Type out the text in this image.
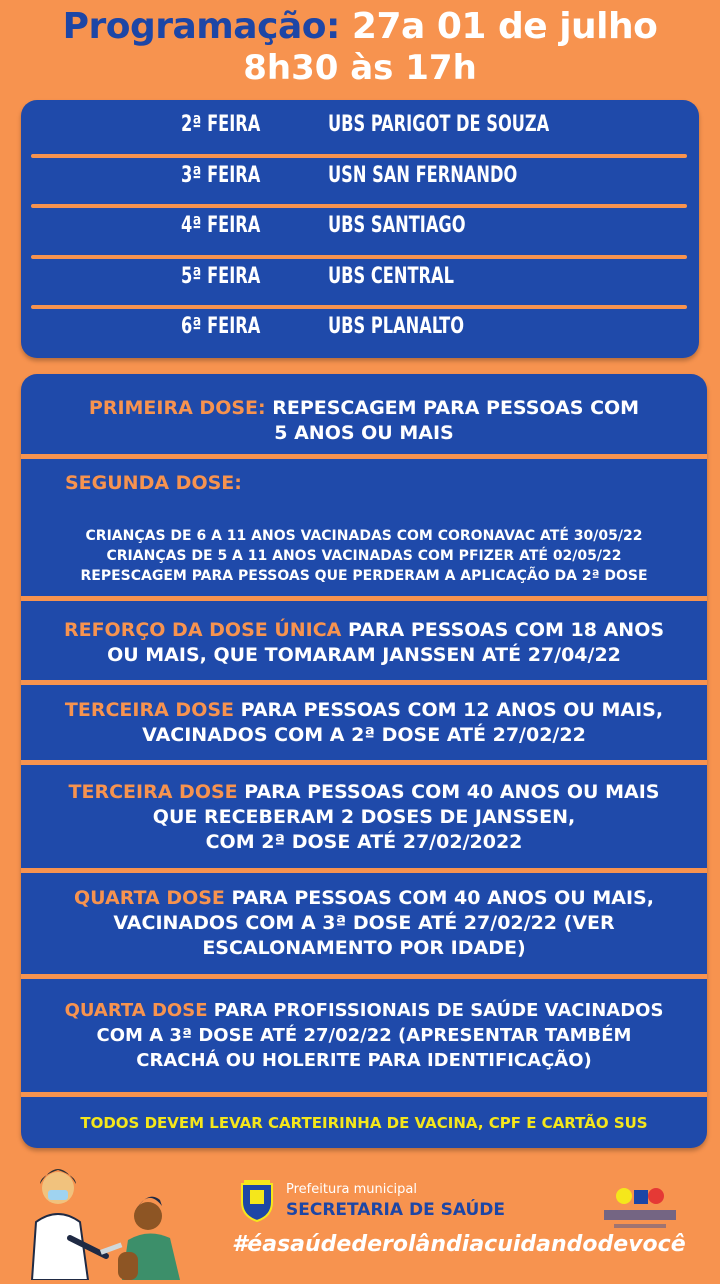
Programação: 27a 01 de julho
8h30 às 17h
2ª FEIRA	UBS PARIGOT DE SOUZA
3ª FEIRA	USN SAN FERNANDO
4ª FEIRA	UBS SANTIAGO
5ª FEIRA	UBS CENTRAL
6ª FEIRA	UBS PLANALTO
PRIMEIRA DOSE: REPESCAGEM PARA PESSOAS COM
5 ANOS OU MAIS
SEGUNDA DOSE:
CRIANÇAS DE 6 A 11 ANOS VACINADAS COM CORONAVAC ATÉ 30/05/22
CRIANÇAS DE 5 A 11 ANOS VACINADAS COM PFIZER ATÉ 02/05/22
REPESCAGEM PARA PESSOAS QUE PERDERAM A APLICAÇÃO DA 2ª DOSE
REFORÇO DA DOSE ÚNICA PARA PESSOAS COM 18 ANOS
OU MAIS, QUE TOMARAM JANSSEN ATÉ 27/04/22
TERCEIRA DOSE PARA PESSOAS COM 12 ANOS OU MAIS,
VACINADOS COM A 2ª DOSE ATÉ 27/02/22
TERCEIRA DOSE PARA PESSOAS COM 40 ANOS OU MAIS
QUE RECEBERAM 2 DOSES DE JANSSEN,
COM 2ª DOSE ATÉ 27/02/2022
QUARTA DOSE PARA PESSOAS COM 40 ANOS OU MAIS,
VACINADOS COM A 3ª DOSE ATÉ 27/02/22 (VER
ESCALONAMENTO POR IDADE)
QUARTA DOSE PARA PROFISSIONAIS DE SAÚDE VACINADOS
COM A 3ª DOSE ATÉ 27/02/22 (APRESENTAR TAMBÉM
CRACHÁ OU HOLERITE PARA IDENTIFICAÇÃO)
TODOS DEVEM LEVAR CARTEIRINHA DE VACINA, CPF E CARTÃO SUS
Prefeitura municipal
SECRETARIA DE SAÚDE
#éasaúdederolândiacuidandodevocê
